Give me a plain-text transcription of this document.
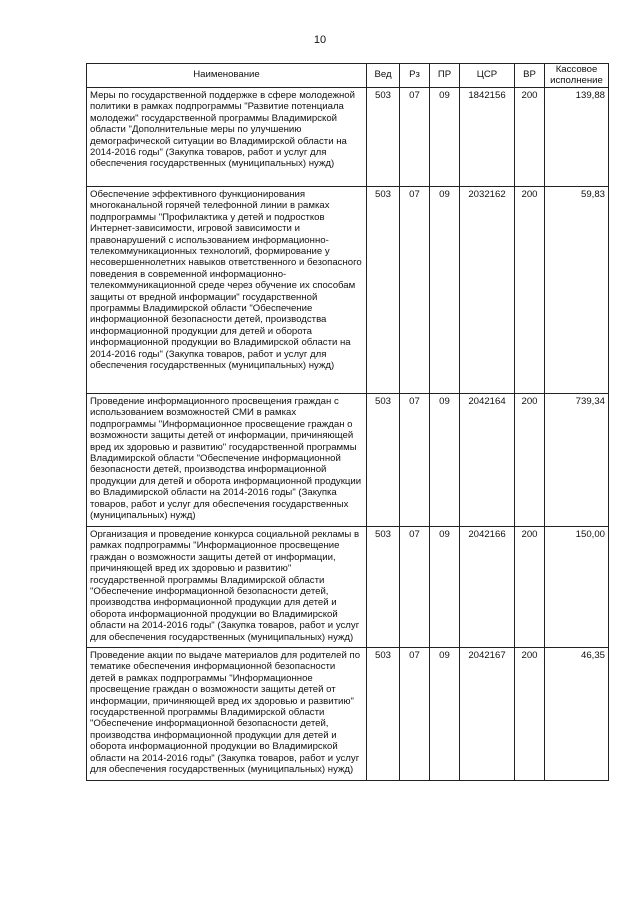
10
Наименование	Вед	Рз	ПР	ЦСР	ВР	Кассовое исполнение
Меры по государственной поддержке в сфере молодежной политики в рамках подпрограммы "Развитие потенциала молодежи" государственной программы Владимирской области "Дополнительные меры по улучшению демографической ситуации во Владимирской области на 2014-2016 годы" (Закупка товаров, работ и услуг для обеспечения государственных (муниципальных) нужд)	503	07	09	1842156	200	139,88
Обеспечение эффективного функционирования многоканальной горячей телефонной линии в рамках подпрограммы "Профилактика у детей и подростков Интернет-зависимости, игровой зависимости и правонарушений с использованием информационно-телекоммуникационных технологий, формирование у несовершеннолетних навыков ответственного и безопасного поведения в современной информационно-телекоммуникационной среде через обучение их способам защиты от вредной информации" государственной программы Владимирской области "Обеспечение информационной безопасности детей, производства информационной продукции для детей и оборота информационной продукции во Владимирской области на 2014-2016 годы" (Закупка товаров, работ и услуг для обеспечения государственных (муниципальных) нужд)	503	07	09	2032162	200	59,83
Проведение информационного просвещения граждан с использованием возможностей СМИ в рамках подпрограммы "Информационное просвещение граждан о возможности защиты детей от информации, причиняющей вред их здоровью и развитию" государственной программы Владимирской области "Обеспечение информационной безопасности детей, производства информационной продукции для детей и оборота информационной продукции во Владимирской области на 2014-2016 годы" (Закупка товаров, работ и услуг для обеспечения государственных (муниципальных) нужд)	503	07	09	2042164	200	739,34
Организация и проведение конкурса социальной рекламы в рамках подпрограммы "Информационное просвещение граждан о возможности защиты детей от информации, причиняющей вред их здоровью и развитию" государственной программы Владимирской области "Обеспечение информационной безопасности детей, производства информационной продукции для детей и оборота информационной продукции во Владимирской области на 2014-2016 годы" (Закупка товаров, работ и услуг для обеспечения государственных (муниципальных) нужд)	503	07	09	2042166	200	150,00
Проведение акции по выдаче материалов для родителей по тематике обеспечения информационной безопасности детей в рамках подпрограммы "Информационное просвещение граждан о возможности защиты детей от информации, причиняющей вред их здоровью и развитию" государственной программы Владимирской области "Обеспечение информационной безопасности детей, производства информационной продукции для детей и оборота информационной продукции во Владимирской области на 2014-2016 годы" (Закупка товаров, работ и услуг для обеспечения государственных (муниципальных) нужд)	503	07	09	2042167	200	46,35
